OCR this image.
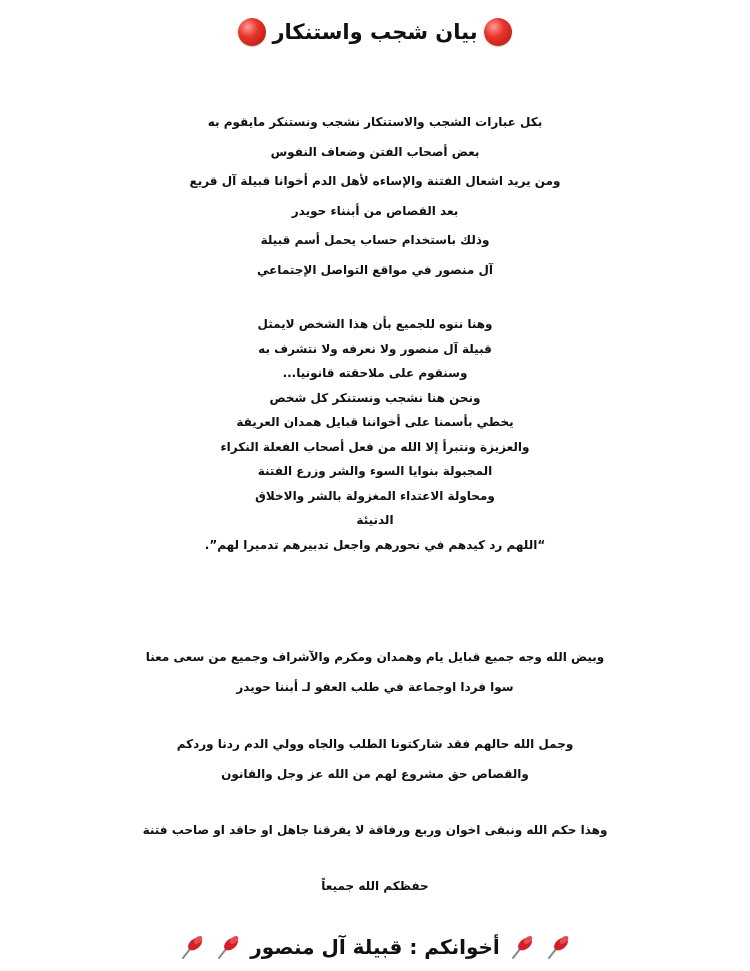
بيان شجب واستنكار
بكل عبارات الشجب والاستنكار نشجب ونستنكر مايقوم به
بعض أصحاب الفتن وضعاف النفوس
ومن يريد اشعال الفتنة والإساءه لأهل الدم أخوانا قبيلة آل قريع
بعد القصاص من أبنناء حويدر
وذلك باستخدام حساب يحمل أسم قبيلة
آل منصور في مواقع التواصل الإجتماعي
وهنا ننوه للجميع بأن هذا الشخص لايمثل
قبيلة آل منصور ولا نعرفه ولا نتشرف به
وسنقوم على ملاحقته قانونيا...
ونحن هنا نشجب ونستنكر كل شخص
يخطي بأسمنا على أخواننا قبايل همدان العريقة
والعزيزة ونتبرأ إلا الله من فعل أصحاب الفعلة النكراء
المجبولة بنوايا السوء والشر وزرع الفتنة
ومحاولة الاعتداء المغزولة بالشر والاخلاق
الدنيئة
“اللهم رد كيدهم في نحورهم واجعل تدبيرهم تدميرا لهم”.
وبيض الله وجه جميع قبايل يام وهمدان ومكرم والآشراف وجميع من سعى معنا
سوا فردا اوجماعة في طلب العفو لـ أبننا حويدر
وجمل الله حالهم فقد شاركتونا الطلب والجاه وولي الدم ردنا وردكم
والقصاص حق مشروع لهم من الله عز وجل والقانون
وهذا حكم الله ونبقى اخوان وربع ورفاقة لا يفرقنا جاهل او حاقد او صاحب فتنة
حفظكم الله جميعاً
أخوانكم : قبيلة آل منصور
